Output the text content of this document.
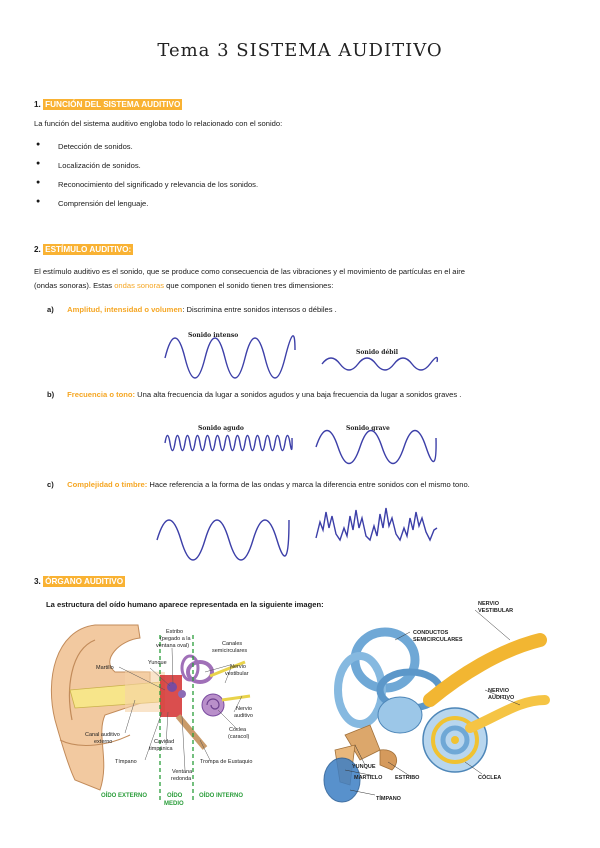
Tema 3 SISTEMA AUDITIVO
1. FUNCIÓN DEL SISTEMA AUDITIVO
La función del sistema auditivo engloba todo lo relacionado con el sonido:
● Detección de sonidos.
● Localización de sonidos.
● Reconocimiento del significado y relevancia de los sonidos.
● Comprensión del lenguaje.
2. ESTÍMULO AUDITIVO:
El estímulo auditivo es el sonido, que se produce como consecuencia de las vibraciones y el movimiento de partículas en el aire
(ondas sonoras). Estas ondas sonoras que componen el sonido tienen tres dimensiones:
a) Amplitud, intensidad o volumen: Discrimina entre sonidos intensos o débiles .
Sonido intenso
Sonido débil
b) Frecuencia o tono: Una alta frecuencia da lugar a sonidos agudos y una baja frecuencia da lugar a sonidos graves .
Sonido agudo	Sonido grave
c) Complejidad o timbre: Hace referencia a la forma de las ondas y marca la diferencia entre sonidos con el mismo tono.
3. ÓRGANO AUDITIVO
La estructura del oído humano aparece representada en la siguiente imagen:
Estribo
(pegado a la
ventana oval)	Canales
semicirculares
Yunque
Nervio
vestibular
Martillo
Nervio
auditivo
Cóclea
(caracol)
Canal auditivo
externo	Cavidad
timpánica
Trompa de Eustaquio
Tímpano
Ventana
redonda
OÍDO EXTERNO	OÍDO
MEDIO
OÍDO INTERNO
CONDUCTOS
SEMICIRCULARES
NERVIO
VESTIBULAR
NERVIO
AUDITIVO
YUNQUE
MARTILLO ESTRIBO	CÓCLEA
TÍMPANO
